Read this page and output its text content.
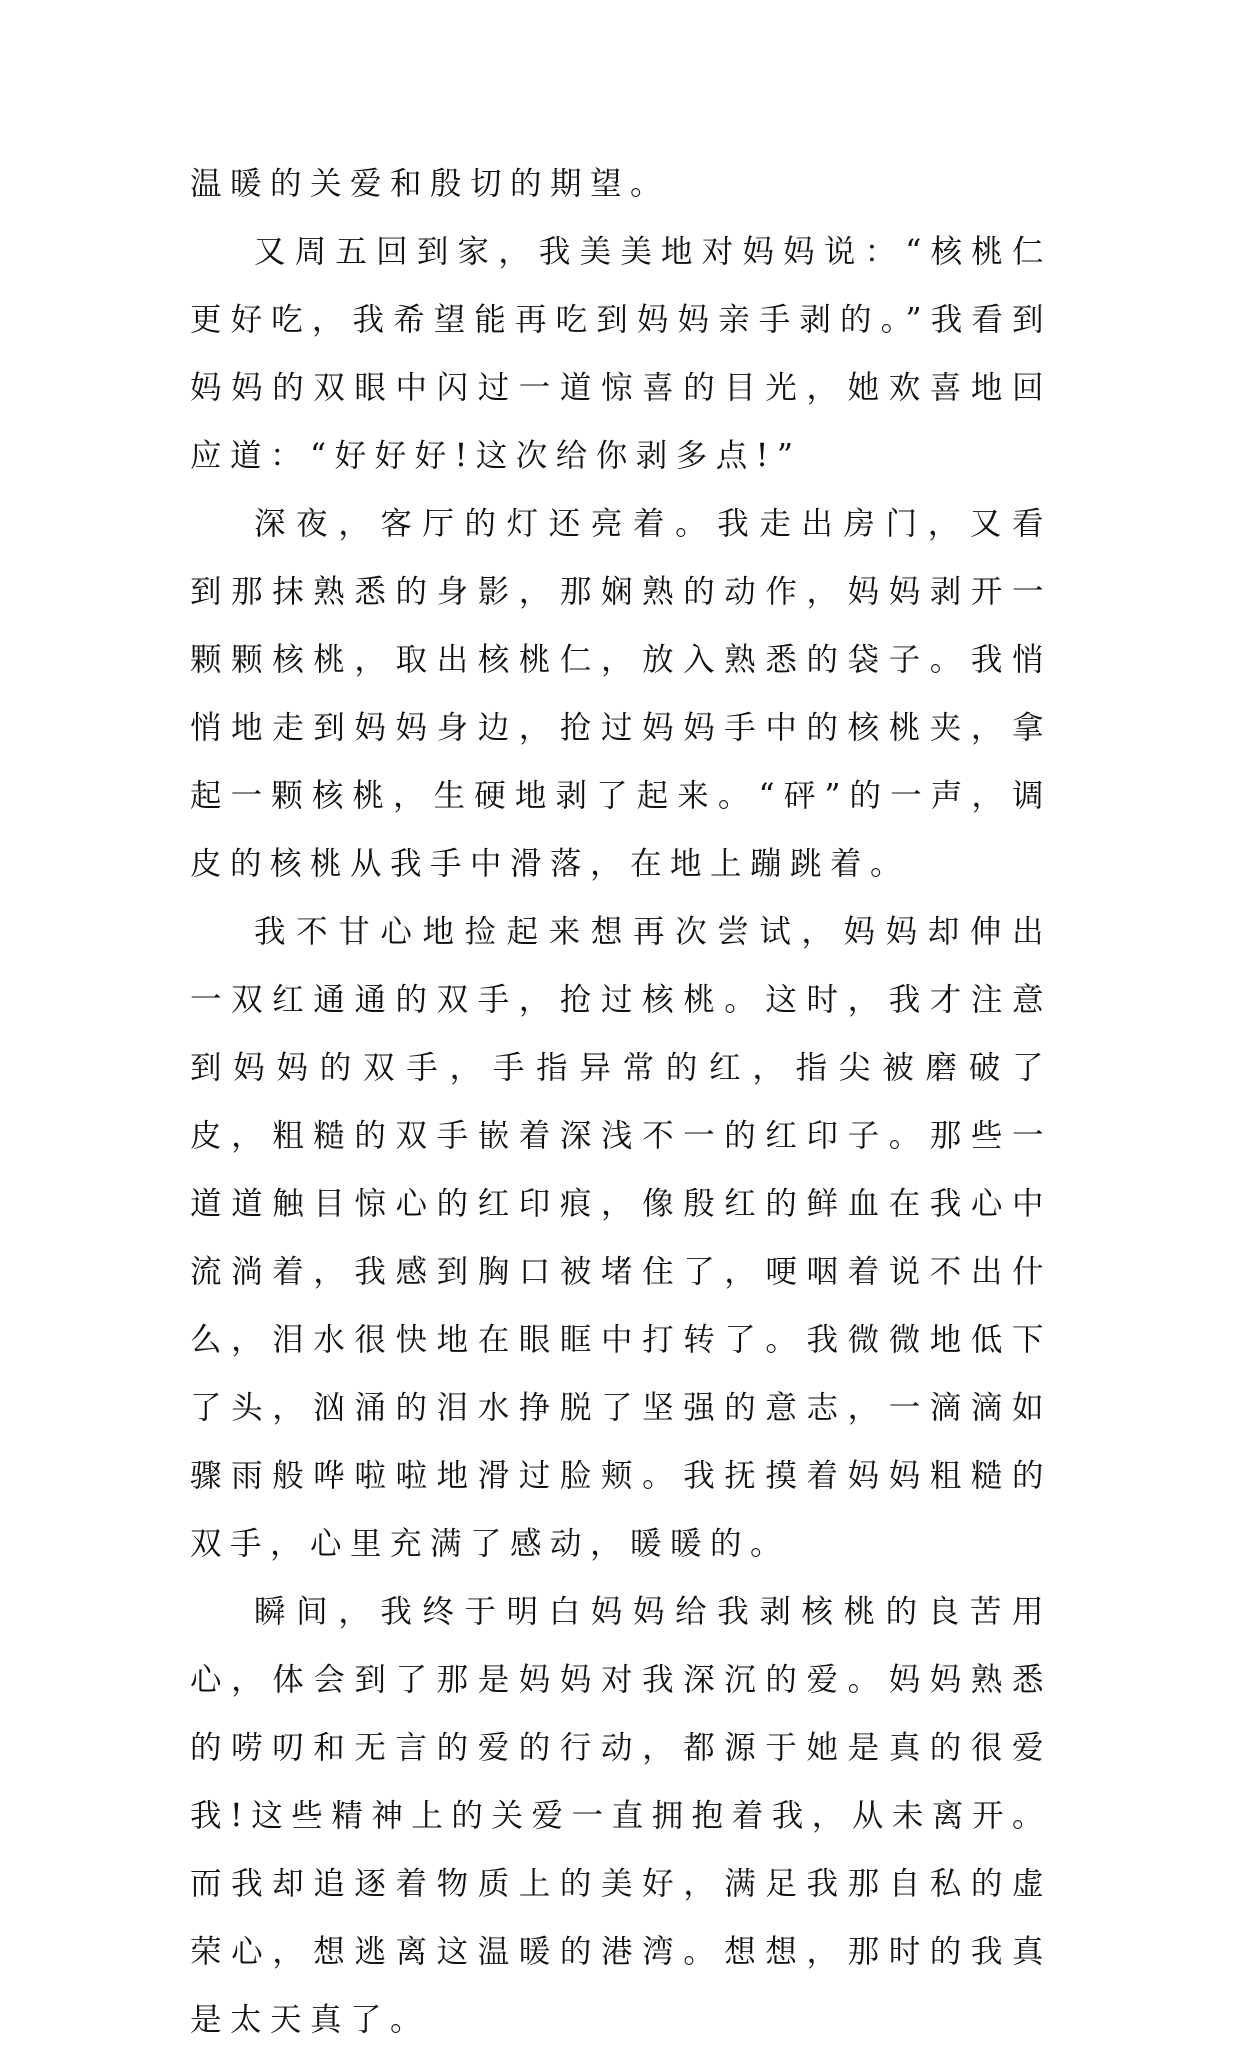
温暖的关爱和殷切的期望。

又周五回到家，我美美地对妈妈说：“核桃仁更好吃，我希望能再吃到妈妈亲手剥的。”我看到妈妈的双眼中闪过一道惊喜的目光，她欢喜地回应道：“好好好!这次给你剥多点!”

深夜，客厅的灯还亮着。我走出房门，又看到那抹熟悉的身影，那娴熟的动作，妈妈剥开一颗颗核桃，取出核桃仁，放入熟悉的袋子。我悄悄地走到妈妈身边，抢过妈妈手中的核桃夹，拿起一颗核桃，生硬地剥了起来。“砰”的一声，调皮的核桃从我手中滑落，在地上蹦跳着。

我不甘心地捡起来想再次尝试，妈妈却伸出一双红通通的双手，抢过核桃。这时，我才注意到妈妈的双手，手指异常的红，指尖被磨破了皮，粗糙的双手嵌着深浅不一的红印子。那些一道道触目惊心的红印痕，像殷红的鲜血在我心中流淌着，我感到胸口被堵住了，哽咽着说不出什么，泪水很快地在眼眶中打转了。我微微地低下了头，汹涌的泪水挣脱了坚强的意志，一滴滴如骤雨般哗啦啦地滑过脸颊。我抚摸着妈妈粗糙的双手，心里充满了感动，暖暖的。

瞬间，我终于明白妈妈给我剥核桃的良苦用心，体会到了那是妈妈对我深沉的爱。妈妈熟悉的唠叨和无言的爱的行动，都源于她是真的很爱我!这些精神上的关爱一直拥抱着我，从未离开。而我却追逐着物质上的美好，满足我那自私的虚荣心，想逃离这温暖的港湾。想想，那时的我真是太天真了。
